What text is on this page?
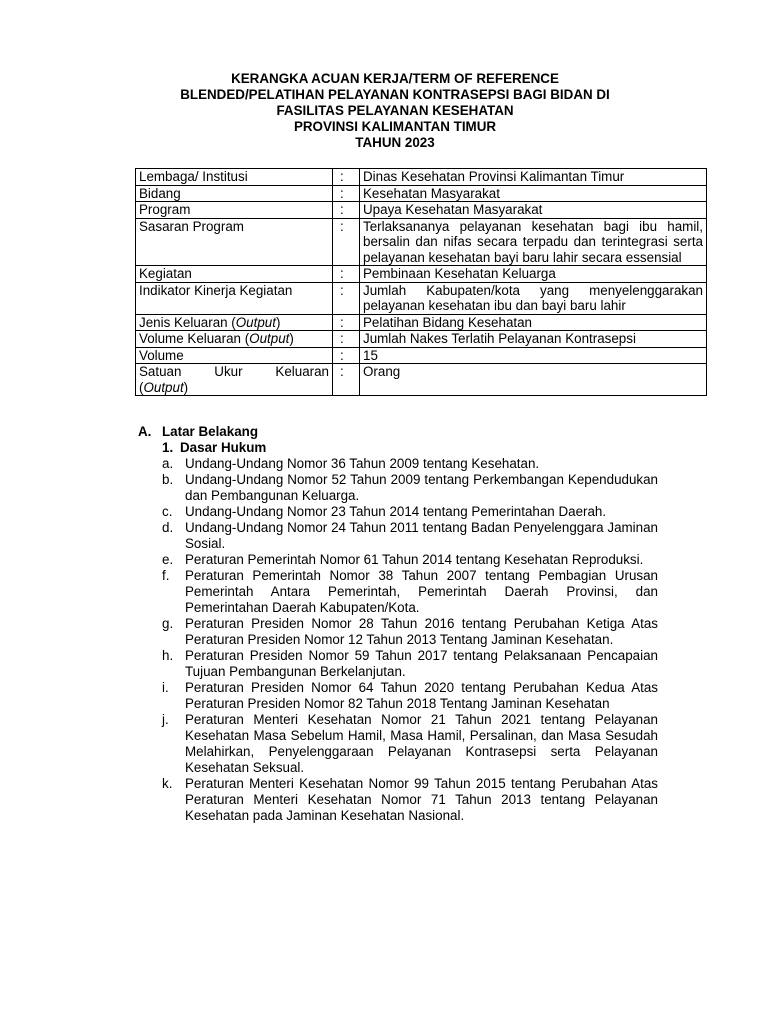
KERANGKA ACUAN KERJA/TERM OF REFERENCE
BLENDED/PELATIHAN PELAYANAN KONTRASEPSI BAGI BIDAN DI
FASILITAS PELAYANAN KESEHATAN
PROVINSI KALIMANTAN TIMUR
TAHUN 2023
Lembaga/ Institusi	:	Dinas Kesehatan Provinsi Kalimantan Timur
Bidang	:	Kesehatan Masyarakat
Program	:	Upaya Kesehatan Masyarakat
Sasaran Program	:	Terlaksananya pelayanan kesehatan bagi ibu hamil, bersalin dan nifas secara terpadu dan terintegrasi serta pelayanan kesehatan bayi baru lahir secara essensial
Kegiatan	:	Pembinaan Kesehatan Keluarga
Indikator Kinerja Kegiatan	:	Jumlah Kabupaten/kota yang menyelenggarakan pelayanan kesehatan ibu dan bayi baru lahir
Jenis Keluaran (Output)	:	Pelatihan Bidang Kesehatan
Volume Keluaran (Output)	:	Jumlah Nakes Terlatih Pelayanan Kontrasepsi
Volume	:	15

Satuan Ukur Keluaran
(Output)	:	Orang
A. Latar Belakang
1. Dasar Hukum
a. Undang-Undang Nomor 36 Tahun 2009 tentang Kesehatan.
b. Undang-Undang Nomor 52 Tahun 2009 tentang Perkembangan Kependudukan dan Pembangunan Keluarga.
c. Undang-Undang Nomor 23 Tahun 2014 tentang Pemerintahan Daerah.
d. Undang-Undang Nomor 24 Tahun 2011 tentang Badan Penyelenggara Jaminan Sosial.
e. Peraturan Pemerintah Nomor 61 Tahun 2014 tentang Kesehatan Reproduksi.
f.	Peraturan Pemerintah Nomor 38 Tahun 2007 tentang Pembagian Urusan Pemerintah Antara Pemerintah, Pemerintah Daerah Provinsi, dan Pemerintahan Daerah Kabupaten/Kota.
g. Peraturan Presiden Nomor 28 Tahun 2016 tentang Perubahan Ketiga Atas Peraturan Presiden Nomor 12 Tahun 2013 Tentang Jaminan Kesehatan.
h. Peraturan Presiden Nomor 59 Tahun 2017 tentang Pelaksanaan Pencapaian Tujuan Pembangunan Berkelanjutan.
i.	Peraturan Presiden Nomor 64 Tahun 2020 tentang Perubahan Kedua Atas Peraturan Presiden Nomor 82 Tahun 2018 Tentang Jaminan Kesehatan
j.	Peraturan Menteri Kesehatan Nomor 21 Tahun 2021 tentang Pelayanan Kesehatan Masa Sebelum Hamil, Masa Hamil, Persalinan, dan Masa Sesudah Melahirkan, Penyelenggaraan Pelayanan Kontrasepsi serta Pelayanan Kesehatan Seksual.
k. Peraturan Menteri Kesehatan Nomor 99 Tahun 2015 tentang Perubahan Atas Peraturan Menteri Kesehatan Nomor 71 Tahun 2013 tentang Pelayanan Kesehatan pada Jaminan Kesehatan Nasional.
